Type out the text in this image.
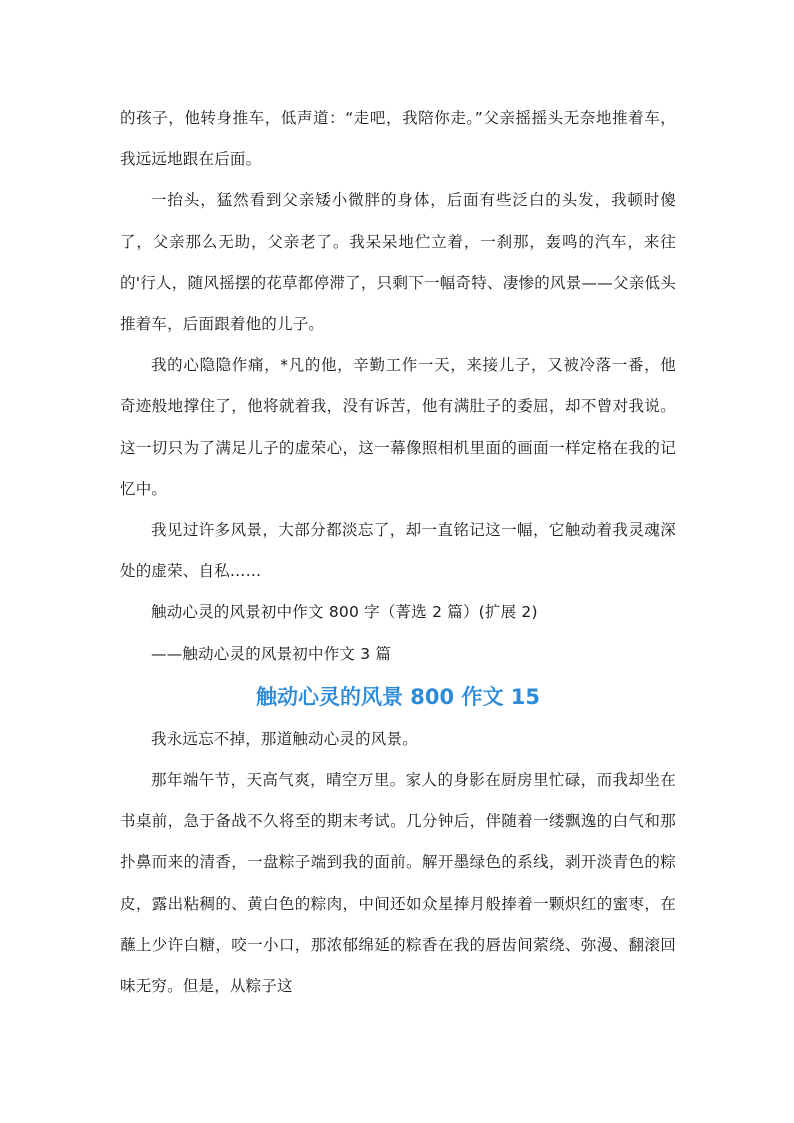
的孩子，他转身推车，低声道：“走吧，我陪你走。”父亲摇摇头无奈地推着车，我远远地跟在后面。

一抬头，猛然看到父亲矮小微胖的身体，后面有些泛白的头发，我顿时傻了，父亲那么无助，父亲老了。我呆呆地伫立着，一刹那，轰鸣的汽车，来往的'行人，随风摇摆的花草都停滞了，只剩下一幅奇特、凄惨的风景——父亲低头推着车，后面跟着他的儿子。

我的心隐隐作痛，*凡的他，辛勤工作一天，来接儿子，又被冷落一番，他奇迹般地撑住了，他将就着我，没有诉苦，他有满肚子的委屈，却不曾对我说。这一切只为了满足儿子的虚荣心，这一幕像照相机里面的画面一样定格在我的记忆中。

我见过许多风景，大部分都淡忘了，却一直铭记这一幅，它触动着我灵魂深处的虚荣、自私……

触动心灵的风景初中作文 800 字（菁选 2 篇）(扩展 2)

——触动心灵的风景初中作文 3 篇

触动心灵的风景 800 作文 15

我永远忘不掉，那道触动心灵的风景。

那年端午节，天高气爽，晴空万里。家人的身影在厨房里忙碌，而我却坐在书桌前，急于备战不久将至的期末考试。几分钟后，伴随着一缕飘逸的白气和那扑鼻而来的清香，一盘粽子端到我的面前。解开墨绿色的系线，剥开淡青色的粽皮，露出粘稠的、黄白色的粽肉，中间还如众星捧月般捧着一颗炽红的蜜枣，在蘸上少许白糖，咬一小口，那浓郁绵延的粽香在我的唇齿间萦绕、弥漫、翻滚回味无穷。但是，从粽子这
